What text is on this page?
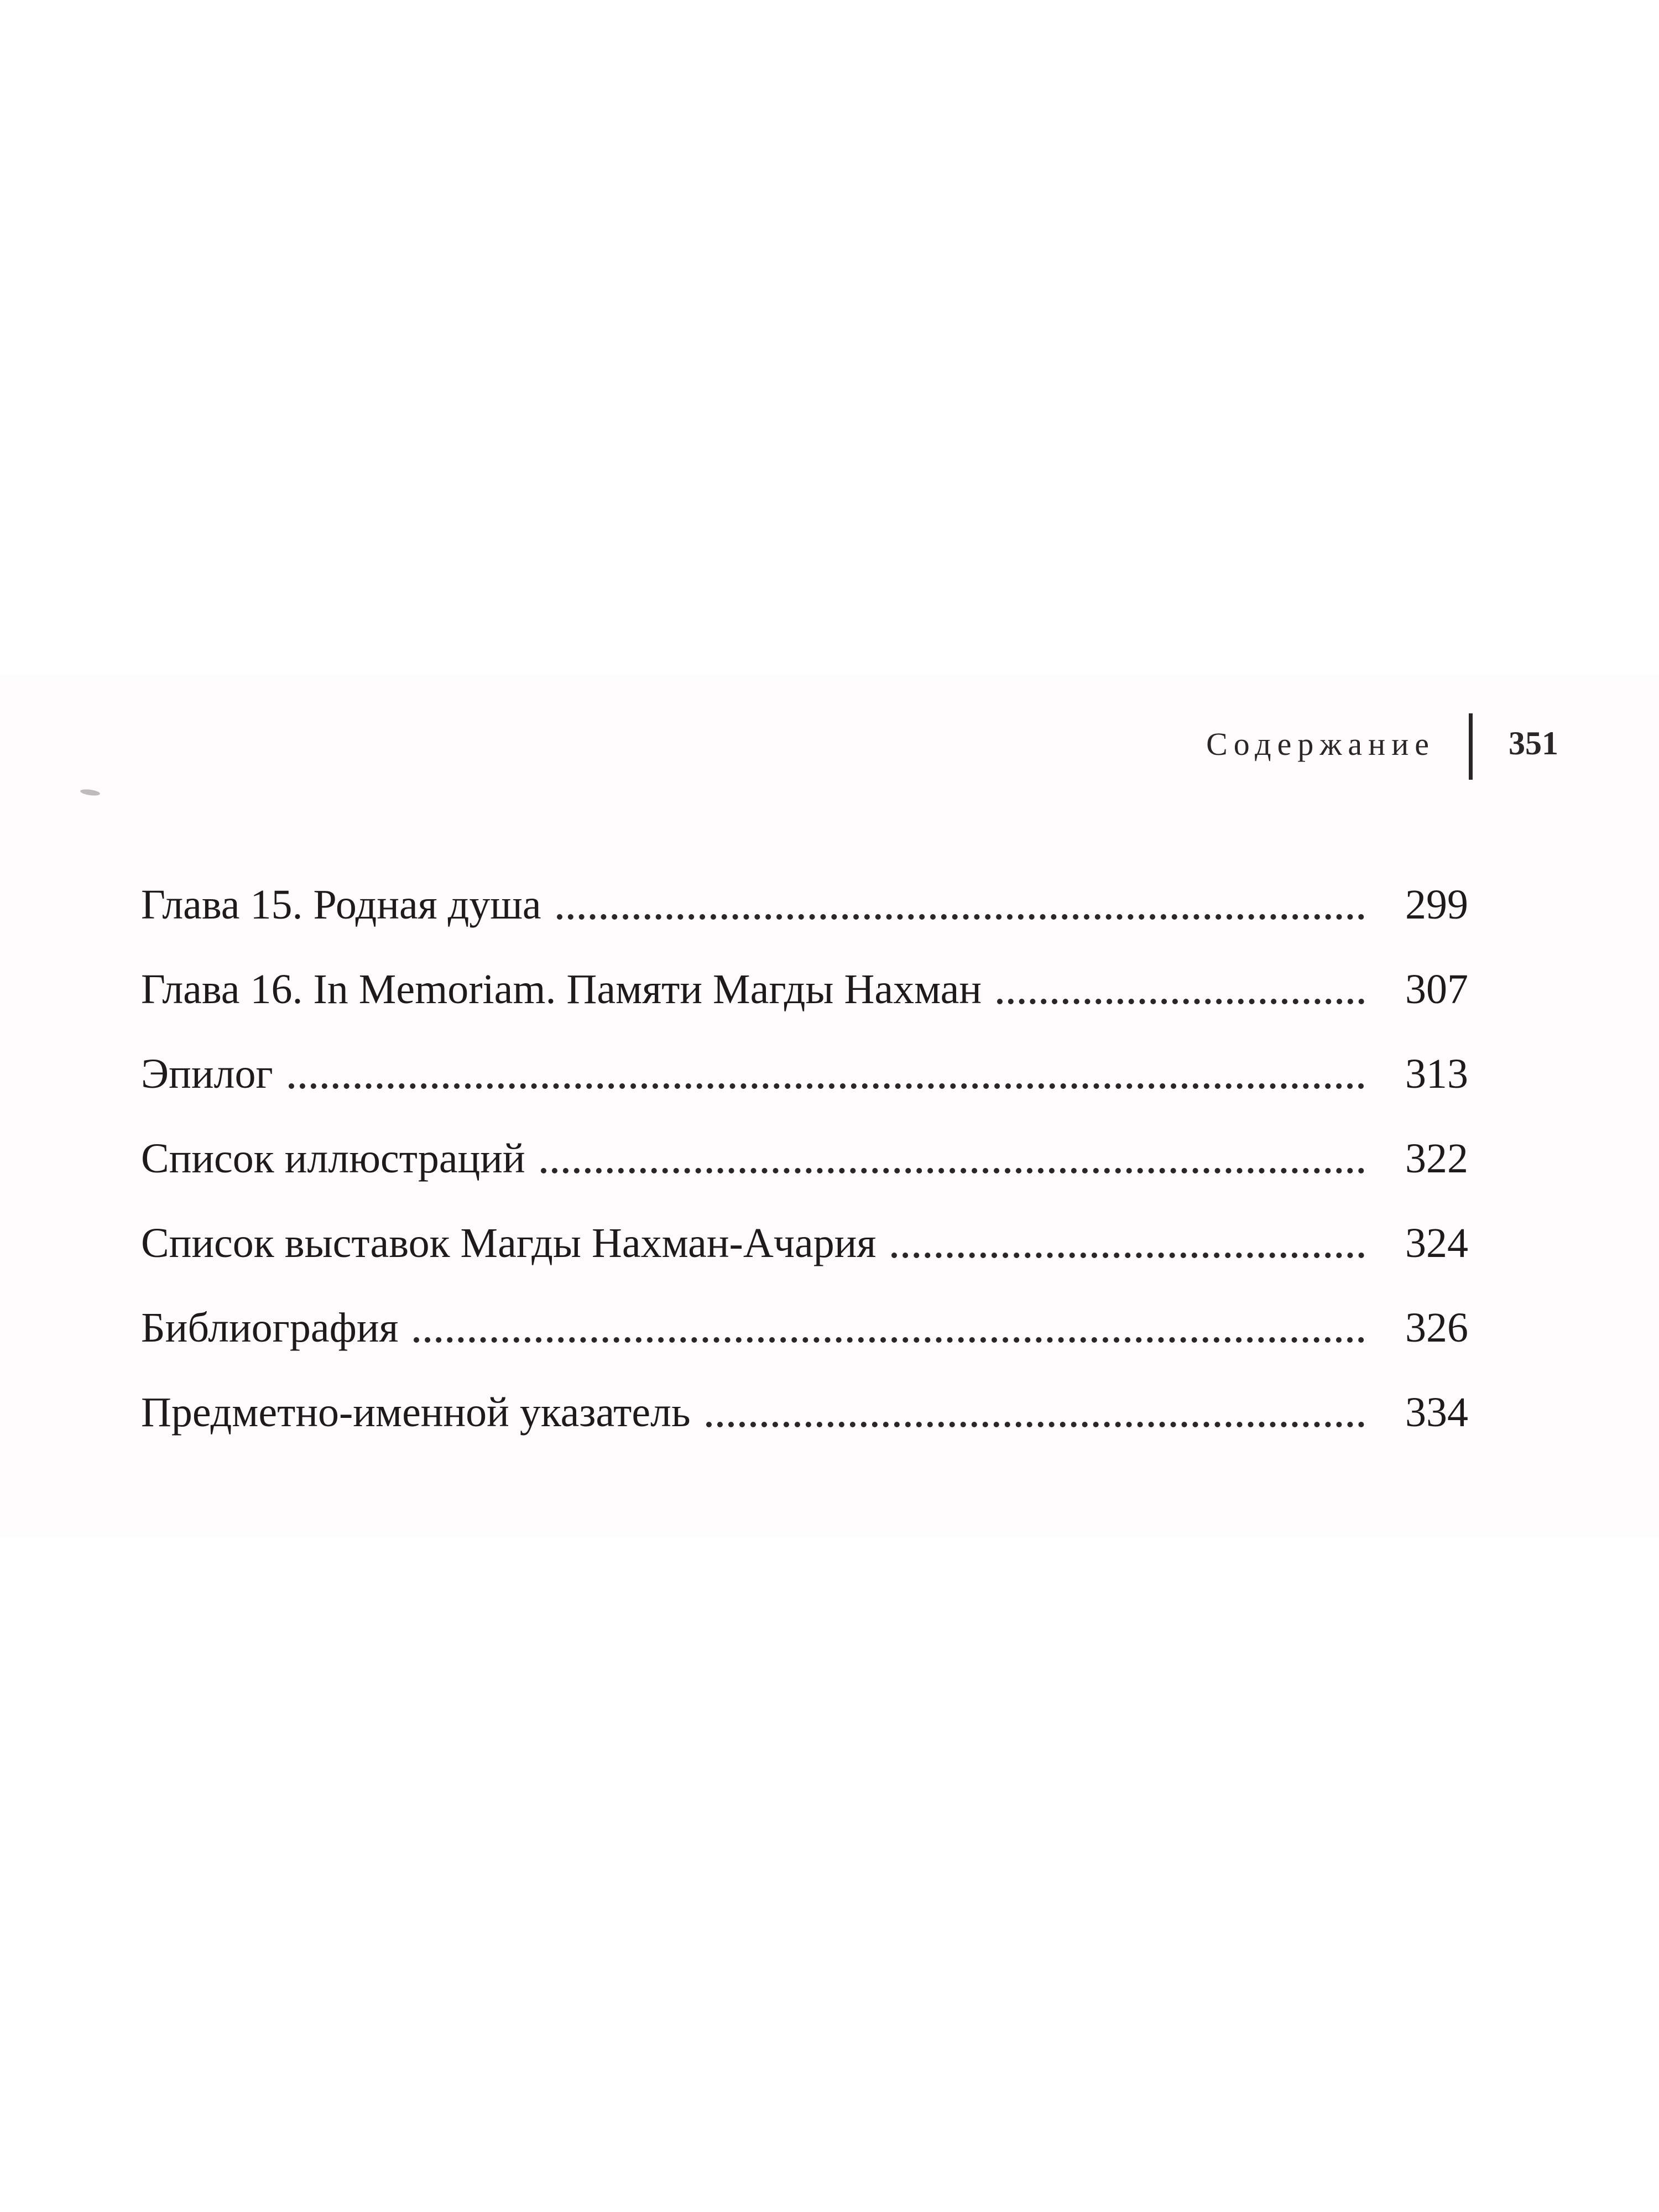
Содержание 351
Глава 15. Родная душа	299
Глава 16. In Memoriam. Памяти Магды Нахман	307
Эпилог	313
Список иллюстраций	322
Список выставок Магды Нахман-Ачария	324
Библиография	326
Предметно-именной указатель	334
